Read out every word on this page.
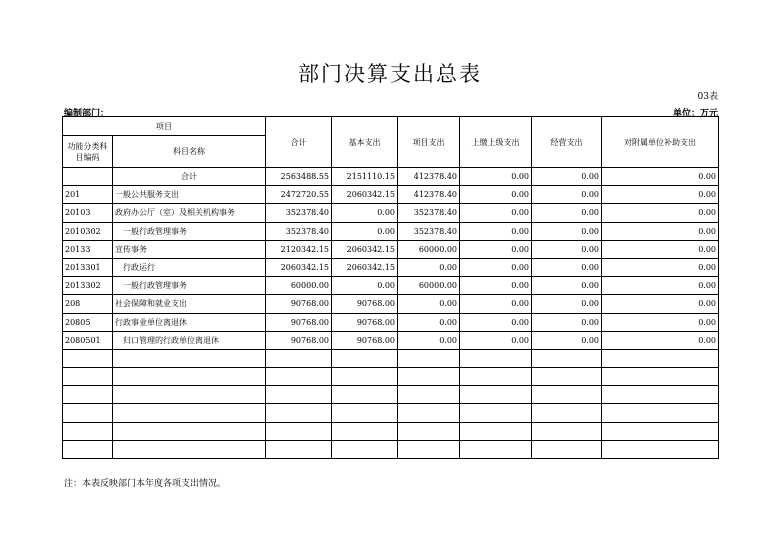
部门决算支出总表
03表
编制部门：	单位：万元
项目		合计	基本支出	项目支出	上缴上级支出	经营支出	对附属单位补助支出
功能分类科目编码	科目名称						
	合计	2563488.55	2151110.15	412378.40	0.00	0.00	0.00
201	一般公共服务支出	2472720.55	2060342.15	412378.40	0.00	0.00	0.00
20103	政府办公厅（室）及相关机构事务	352378.40	0.00	352378.40	0.00	0.00	0.00
2010302	一般行政管理事务	352378.40	0.00	352378.40	0.00	0.00	0.00
20133	宣传事务	2120342.15	2060342.15	60000.00	0.00	0.00	0.00
2013301	行政运行	2060342.15	2060342.15	0.00	0.00	0.00	0.00
2013302	一般行政管理事务	60000.00	0.00	60000.00	0.00	0.00	0.00
208	社会保障和就业支出	90768.00	90768.00	0.00	0.00	0.00	0.00
20805	行政事业单位离退休	90768.00	90768.00	0.00	0.00	0.00	0.00
2080501	归口管理的行政单位离退休	90768.00	90768.00	0.00	0.00	0.00	0.00

注：本表反映部门本年度各项支出情况。
